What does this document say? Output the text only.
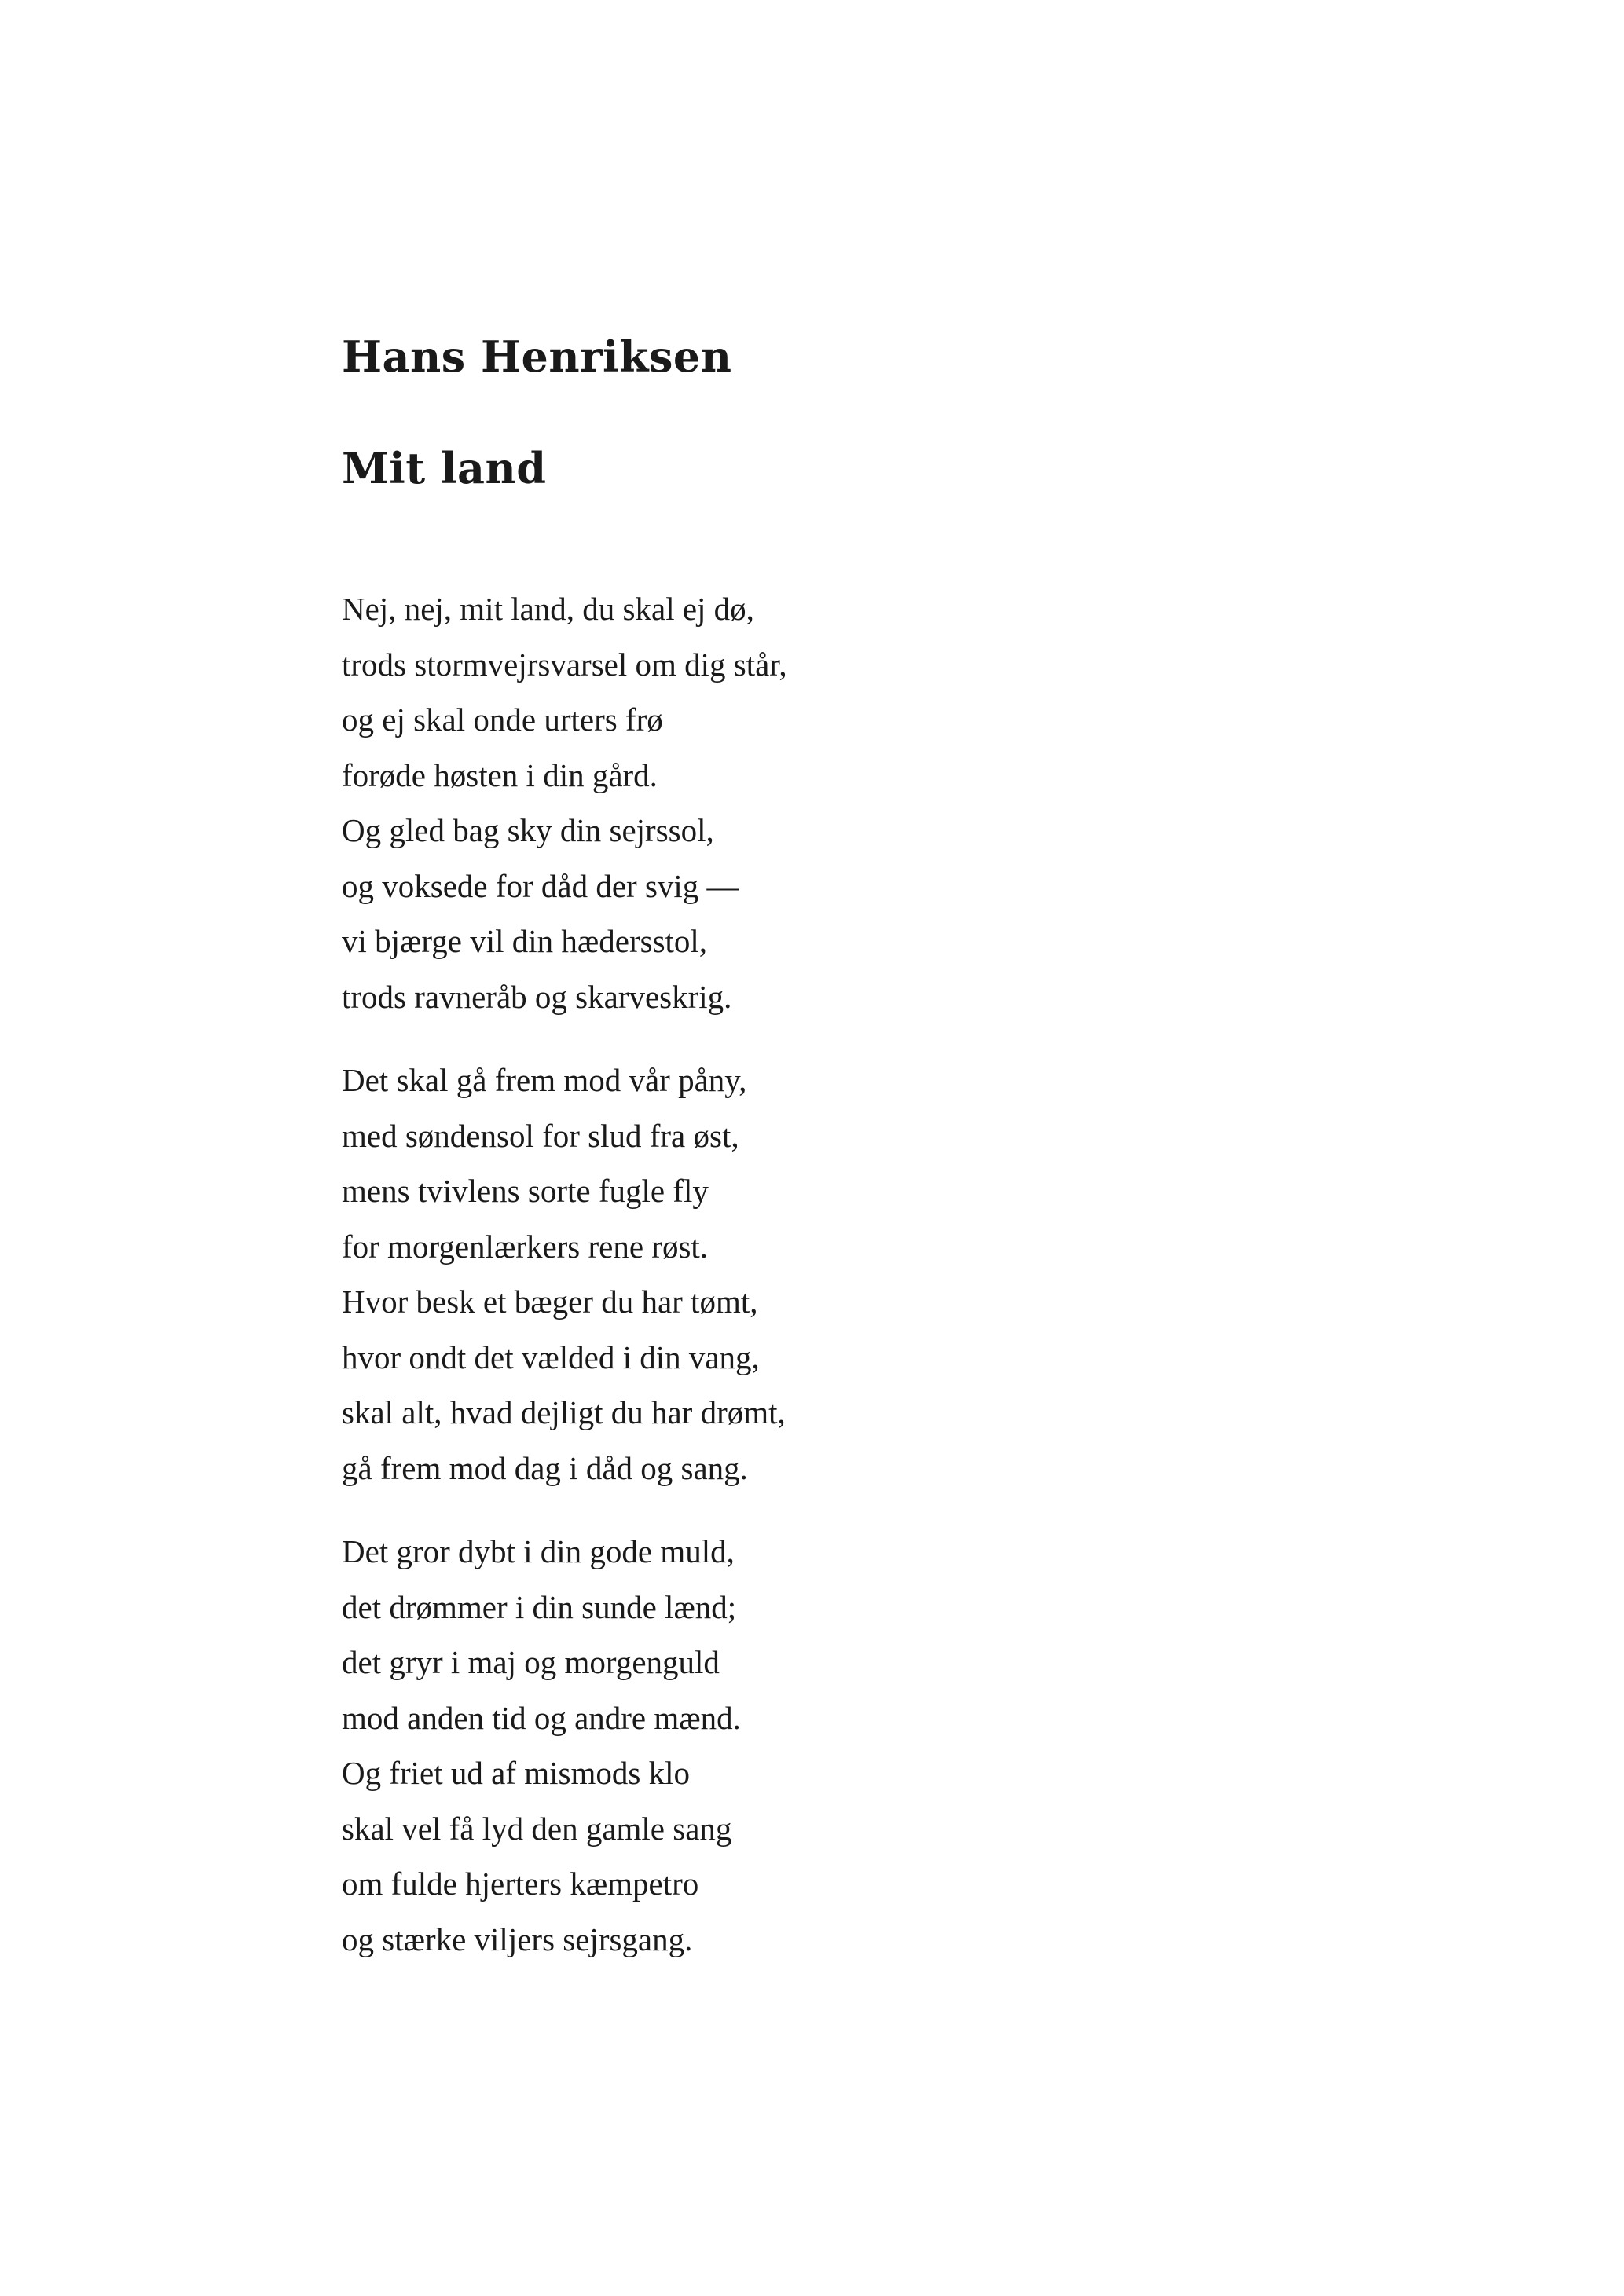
Hans Henriksen
Mit land
Nej, nej, mit land, du skal ej dø,
trods stormvejrsvarsel om dig står,
og ej skal onde urters frø
forøde høsten i din gård.
Og gled bag sky din sejrssol,
og voksede for dåd der svig —
vi bjærge vil din hædersstol,
trods ravneråb og skarveskrig.
Det skal gå frem mod vår påny,
med søndensol for slud fra øst,
mens tvivlens sorte fugle fly
for morgenlærkers rene røst.
Hvor besk et bæger du har tømt,
hvor ondt det vælded i din vang,
skal alt, hvad dejligt du har drømt,
gå frem mod dag i dåd og sang.
Det gror dybt i din gode muld,
det drømmer i din sunde lænd;
det gryr i maj og morgenguld
mod anden tid og andre mænd.
Og friet ud af mismods klo
skal vel få lyd den gamle sang
om fulde hjerters kæmpetro
og stærke viljers sejrsgang.
